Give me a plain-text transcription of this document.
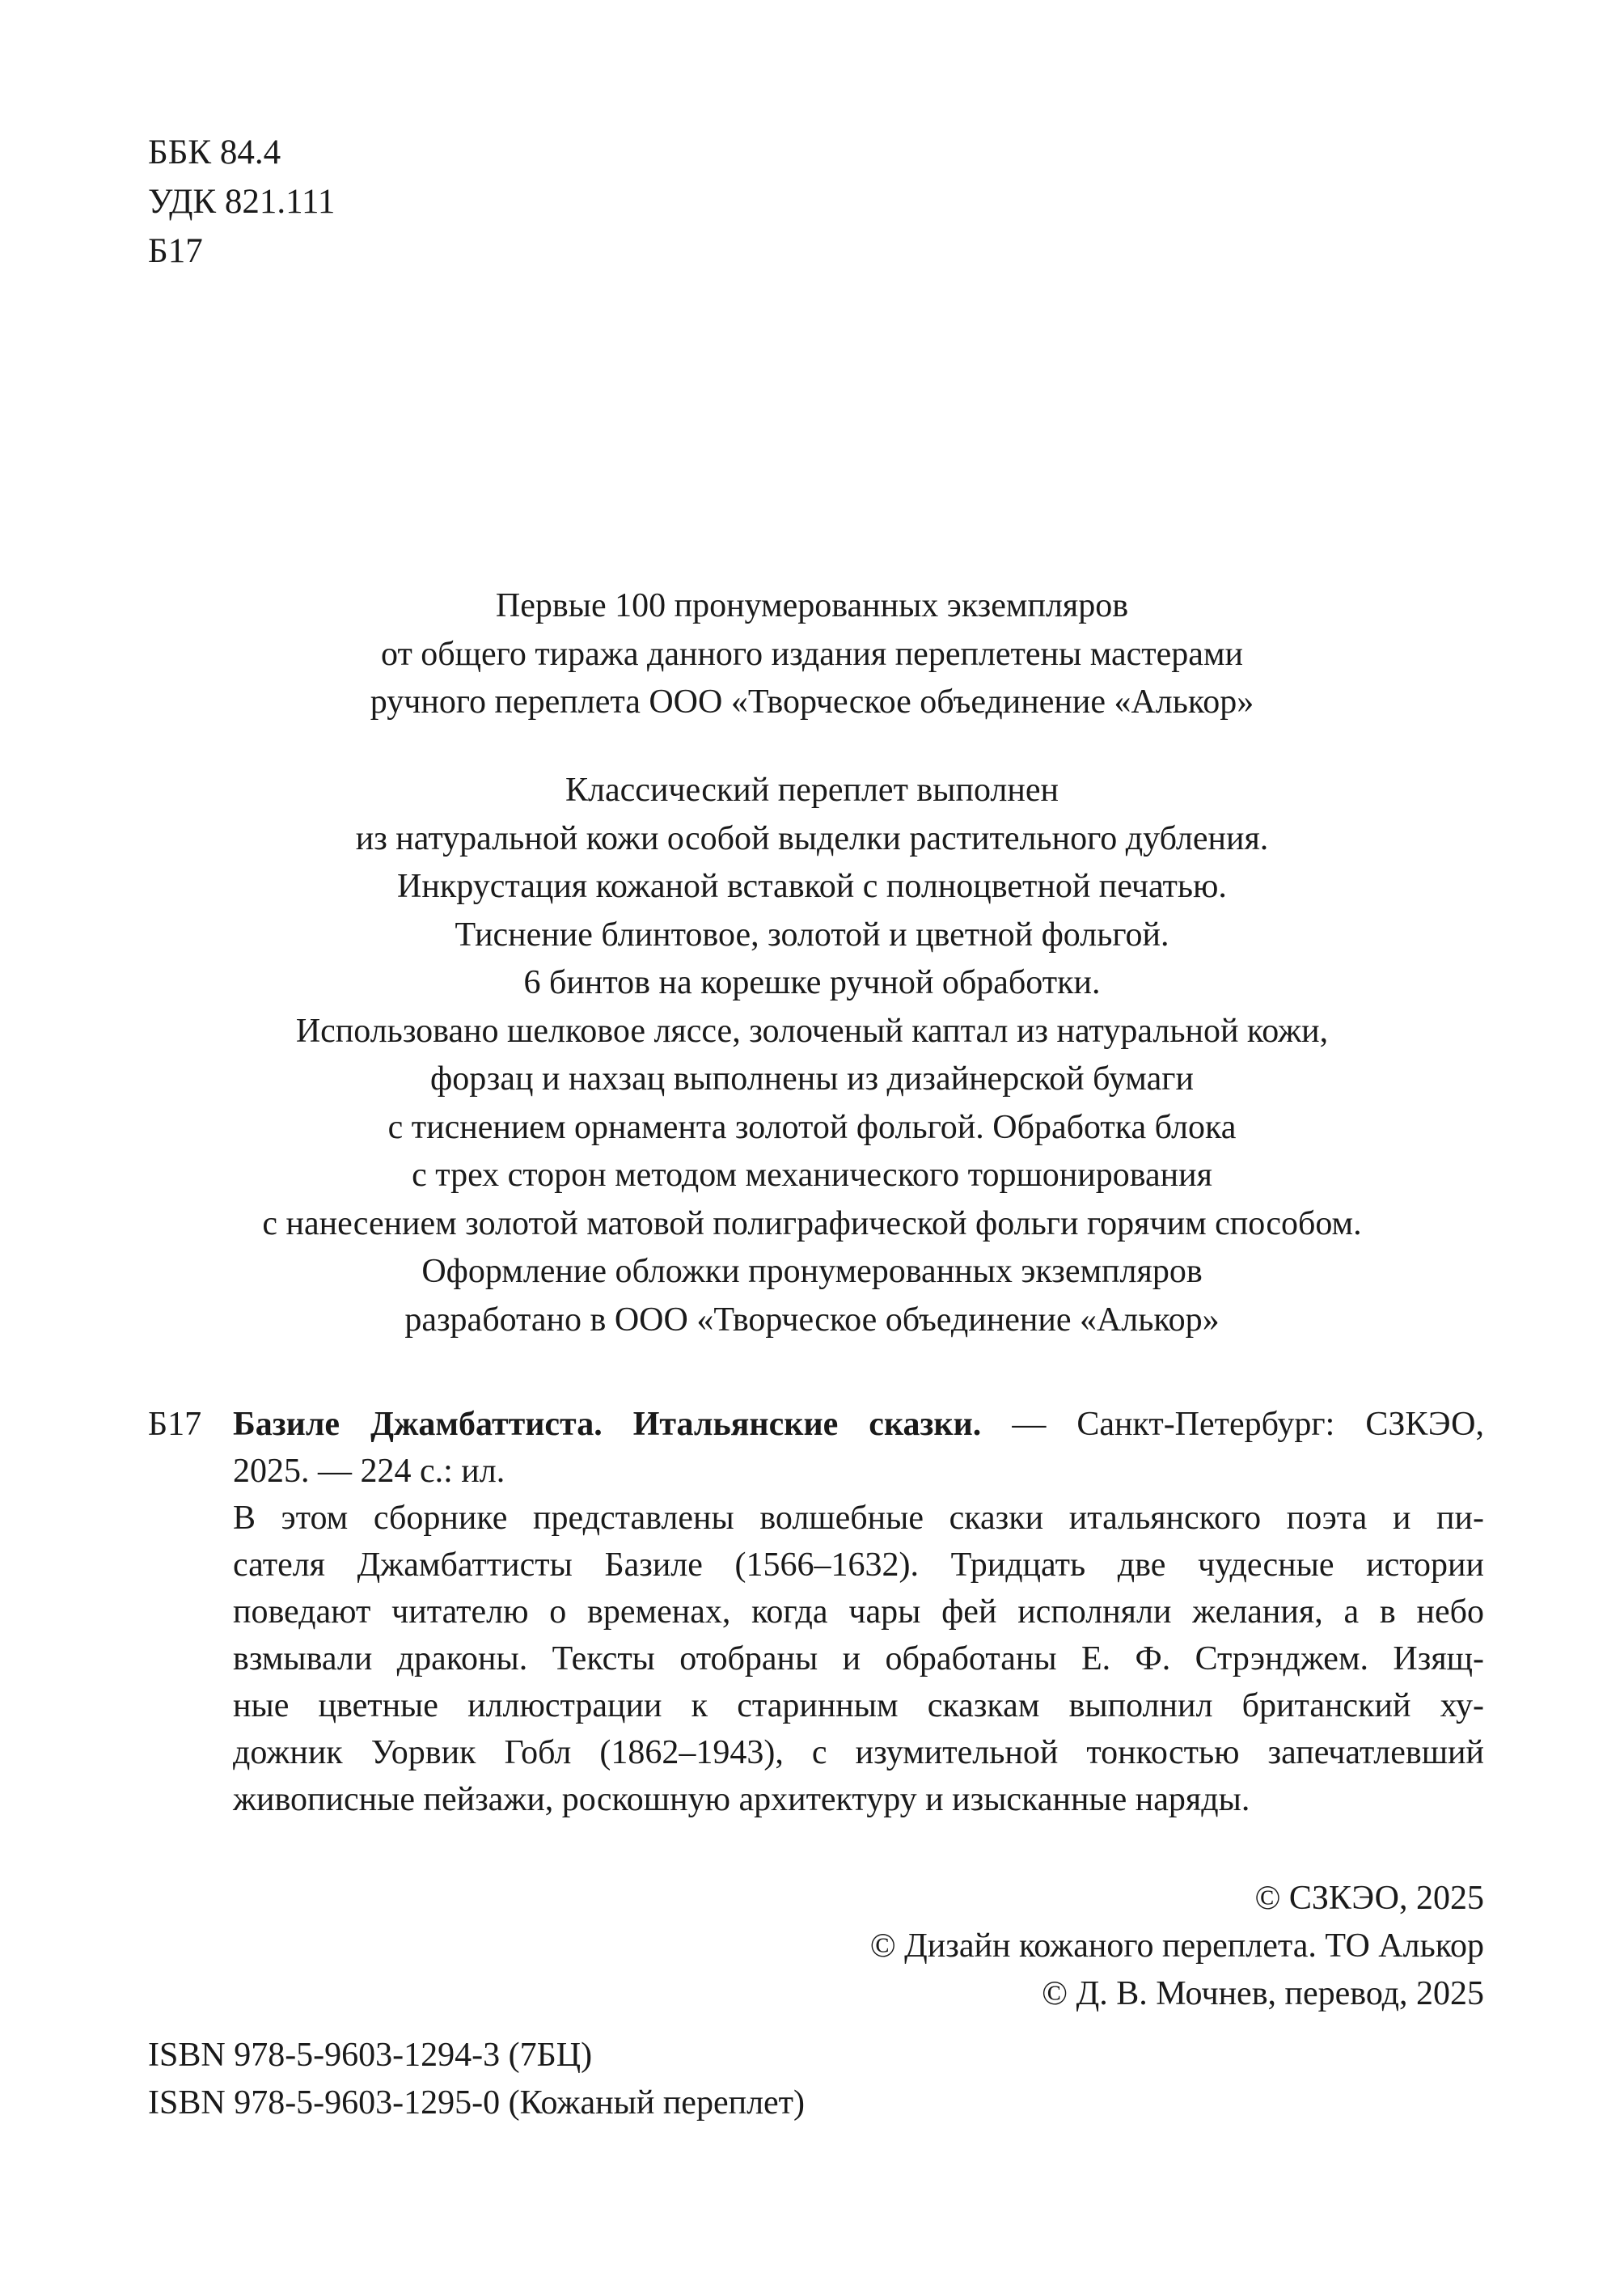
ББК 84.4
УДК 821.111
Б17
Первые 100 пронумерованных экземпляров
от общего тиража данного издания переплетены мастерами
ручного переплета ООО «Творческое объединение «Алькор»
Классический переплет выполнен
из натуральной кожи особой выделки растительного дубления.
Инкрустация кожаной вставкой с полноцветной печатью.
Тиснение блинтовое, золотой и цветной фольгой.
6 бинтов на корешке ручной обработки.
Использовано шелковое ляссе, золоченый каптал из натуральной кожи,
форзац и нахзац выполнены из дизайнерской бумаги
с тиснением орнамента золотой фольгой. Обработка блока
с трех сторон методом механического торшонирования
с нанесением золотой матовой полиграфической фольги горячим способом.
Оформление обложки пронумерованных экземпляров
разработано в ООО «Творческое объединение «Алькор»
Б17 Базиле Джамбаттиста. Итальянские сказки. — Санкт-Петербург: СЗКЭО,
2025. — 224 с.: ил.
В этом сборнике представлены волшебные сказки итальянского поэта и пи-
сателя Джамбаттисты Базиле (1566–1632). Тридцать две чудесные истории
поведают читателю о временах, когда чары фей исполняли желания, а в небо
взмывали драконы. Тексты отобраны и обработаны Е. Ф. Стрэнджем. Изящ-
ные цветные иллюстрации к старинным сказкам выполнил британский ху-
дожник Уорвик Гобл (1862–1943), с изумительной тонкостью запечатлевший
живописные пейзажи, роскошную архитектуру и изысканные наряды.
© СЗКЭО, 2025
© Дизайн кожаного переплета. ТО Алькор
© Д. В. Мочнев, перевод, 2025
ISBN 978-5-9603-1294-3 (7БЦ)
ISBN 978-5-9603-1295-0 (Кожаный переплет)
